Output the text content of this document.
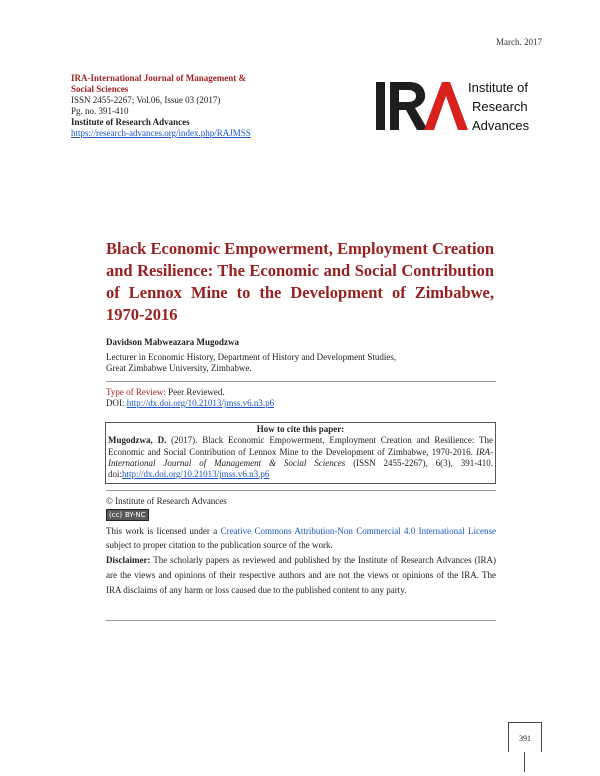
March. 2017
IRA-International Journal of Management &
Social Sciences
ISSN 2455-2267; Vol.06, Issue 03 (2017)
Pg. no. 391-410
Institute of Research Advances
https://research-advances.org/index.php/RAJMSS
Institute of
Research
Advances
Black Economic Empowerment, Employment Creation and Resilience: The Economic and Social Contribution of Lennox Mine to the Development of Zimbabwe, 1970-2016
Davidson Mabweazara Mugodzwa
Lecturer in Economic History, Department of History and Development Studies,
Great Zimbabwe University, Zimbabwe.
Type of Review: Peer Reviewed.
DOI: http://dx.doi.org/10.21013/jmss.v6.n3.p6
How to cite this paper:
Mugodzwa, D. (2017). Black Economic Empowerment, Employment Creation and Resilience: The Economic and Social Contribution of Lennox Mine to the Development of Zimbabwe, 1970-2016. IRA-International Journal of Management & Social Sciences (ISSN 2455-2267), 6(3), 391-410. doi:http://dx.doi.org/10.21013/jmss.v6.n3.p6
© Institute of Research Advances
(cc) BY-NC
This work is licensed under a Creative Commons Attribution-Non Commercial 4.0 International License subject to proper citation to the publication source of the work.
Disclaimer: The scholarly papers as reviewed and published by the Institute of Research Advances (IRA) are the views and opinions of their respective authors and are not the views or opinions of the IRA. The IRA disclaims of any harm or loss caused due to the published content to any party.
391
